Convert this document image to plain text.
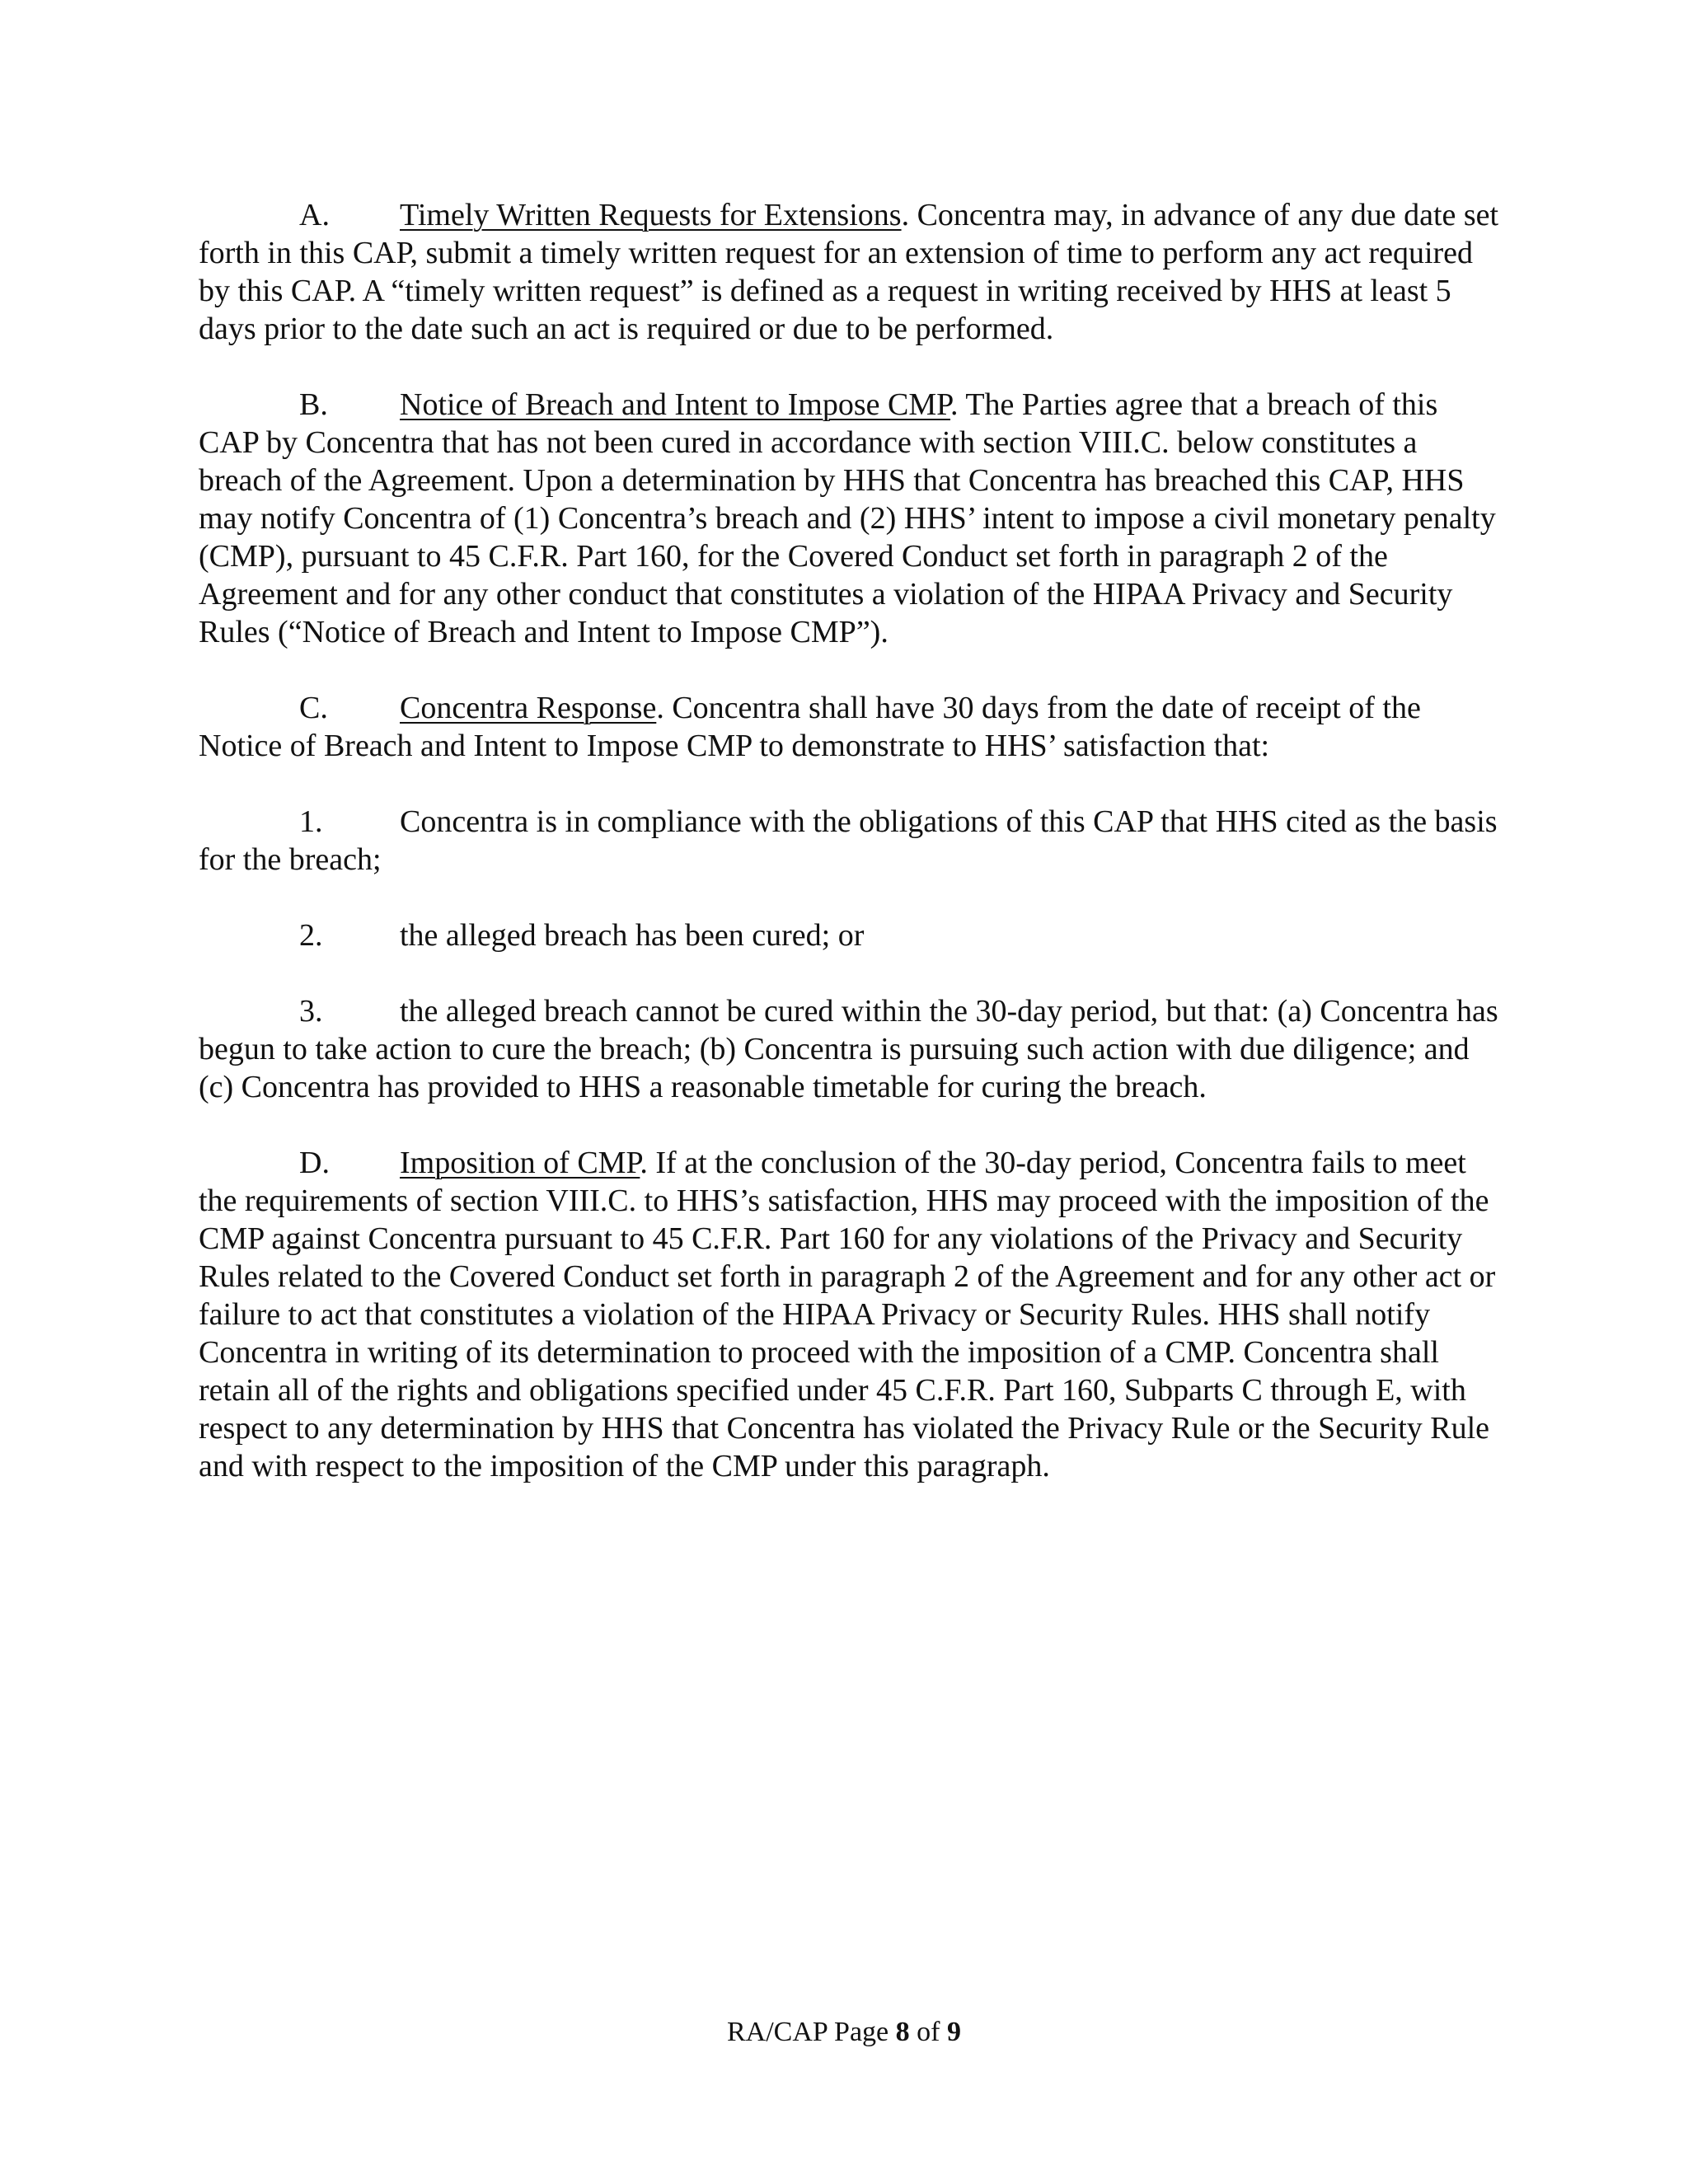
A. Timely Written Requests for Extensions. Concentra may, in advance of any due date set forth in this CAP, submit a timely written request for an extension of time to perform any act required by this CAP. A “timely written request” is defined as a request in writing received by HHS at least 5 days prior to the date such an act is required or due to be performed.

B. Notice of Breach and Intent to Impose CMP. The Parties agree that a breach of this CAP by Concentra that has not been cured in accordance with section VIII.C. below constitutes a breach of the Agreement. Upon a determination by HHS that Concentra has breached this CAP, HHS may notify Concentra of (1) Concentra’s breach and (2) HHS’ intent to impose a civil monetary penalty (CMP), pursuant to 45 C.F.R. Part 160, for the Covered Conduct set forth in paragraph 2 of the Agreement and for any other conduct that constitutes a violation of the HIPAA Privacy and Security Rules (“Notice of Breach and Intent to Impose CMP”).

C. Concentra Response. Concentra shall have 30 days from the date of receipt of the Notice of Breach and Intent to Impose CMP to demonstrate to HHS’ satisfaction that:

1. Concentra is in compliance with the obligations of this CAP that HHS cited as the basis for the breach;

2. the alleged breach has been cured; or

3. the alleged breach cannot be cured within the 30-day period, but that: (a) Concentra has begun to take action to cure the breach; (b) Concentra is pursuing such action with due diligence; and (c) Concentra has provided to HHS a reasonable timetable for curing the breach.

D. Imposition of CMP. If at the conclusion of the 30-day period, Concentra fails to meet the requirements of section VIII.C. to HHS’s satisfaction, HHS may proceed with the imposition of the CMP against Concentra pursuant to 45 C.F.R. Part 160 for any violations of the Privacy and Security Rules related to the Covered Conduct set forth in paragraph 2 of the Agreement and for any other act or failure to act that constitutes a violation of the HIPAA Privacy or Security Rules. HHS shall notify Concentra in writing of its determination to proceed with the imposition of a CMP. Concentra shall retain all of the rights and obligations specified under 45 C.F.R. Part 160, Subparts C through E, with respect to any determination by HHS that Concentra has violated the Privacy Rule or the Security Rule and with respect to the imposition of the CMP under this paragraph.

RA/CAP Page 8 of 9
